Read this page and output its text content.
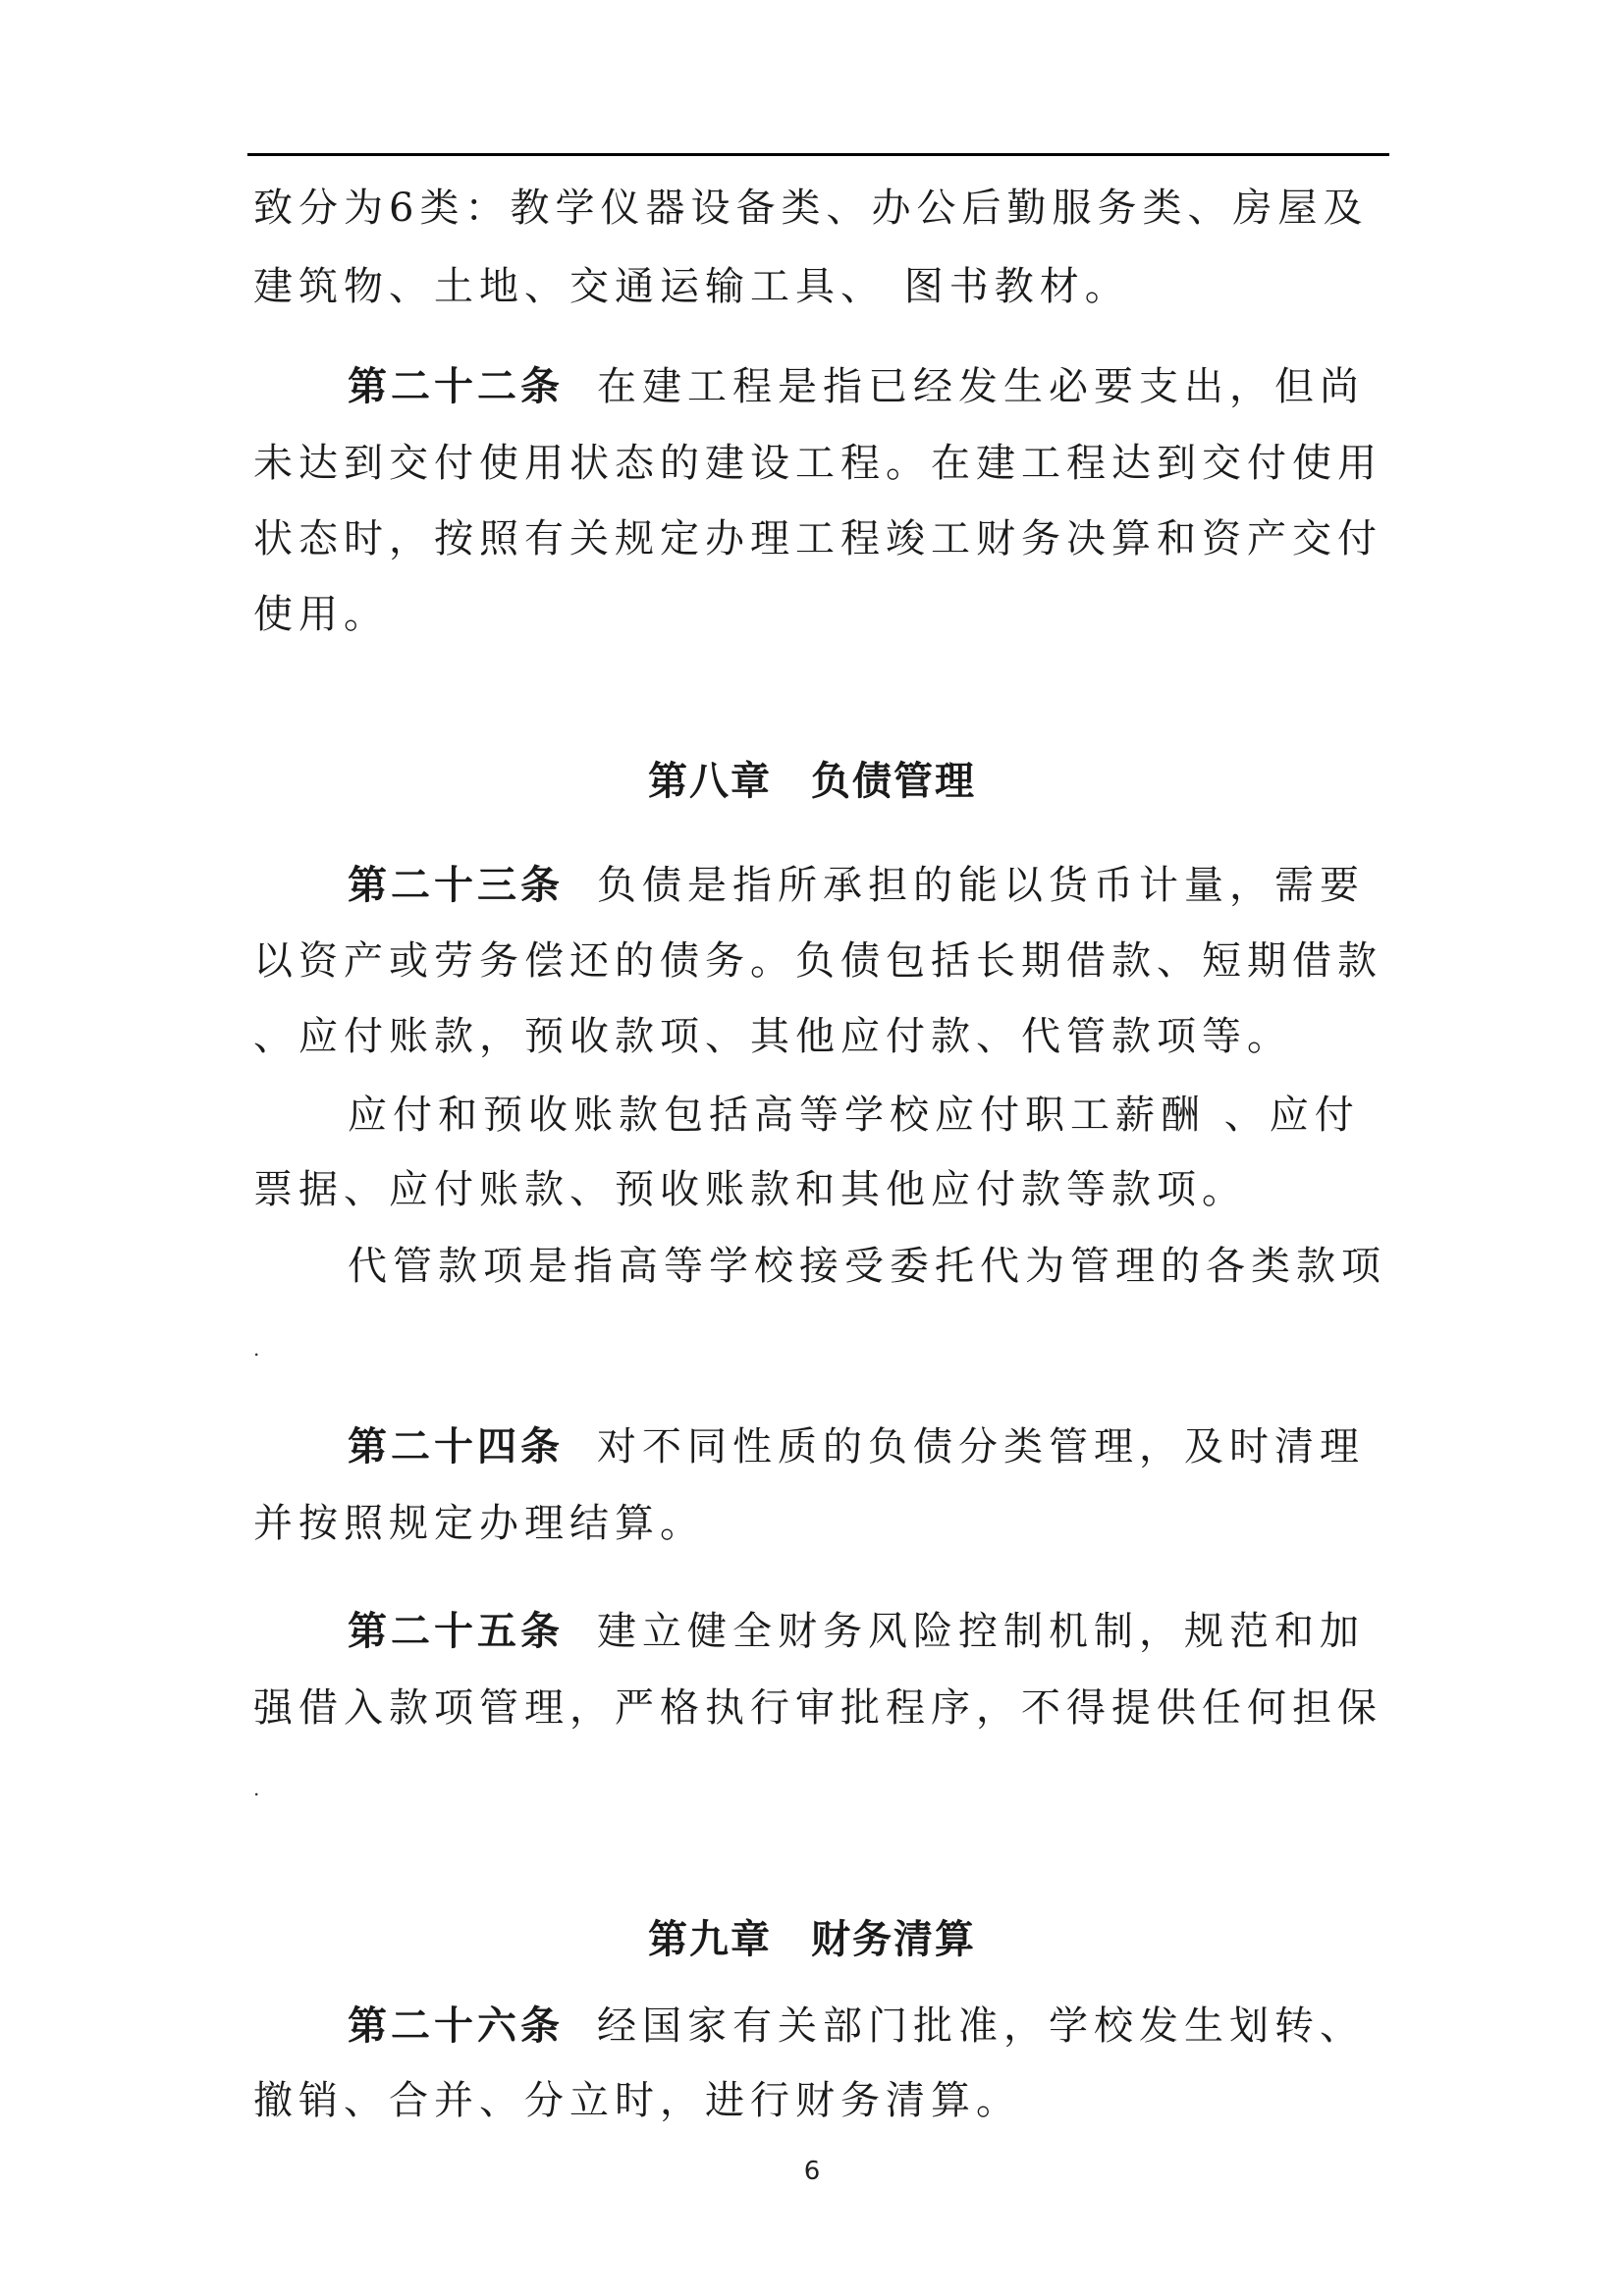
致分为6类：教学仪器设备类、办公后勤服务类、房屋及
建筑物、土地、交通运输工具、 图书教材。
第二十二条 在建工程是指已经发生必要支出，但尚
未达到交付使用状态的建设工程。在建工程达到交付使用
状态时，按照有关规定办理工程竣工财务决算和资产交付
使用。
第八章 负债管理
第二十三条 负债是指所承担的能以货币计量，需要
以资产或劳务偿还的债务。负债包括长期借款、短期借款
、应付账款，预收款项、其他应付款、代管款项等。
应付和预收账款包括高等学校应付职工薪酬 、应付
票据、应付账款、预收账款和其他应付款等款项。
代管款项是指高等学校接受委托代为管理的各类款项
.
第二十四条 对不同性质的负债分类管理，及时清理
并按照规定办理结算。
第二十五条 建立健全财务风险控制机制，规范和加
强借入款项管理，严格执行审批程序，不得提供任何担保
.
第九章 财务清算
第二十六条 经国家有关部门批准，学校发生划转、
撤销、合并、分立时，进行财务清算。
6
